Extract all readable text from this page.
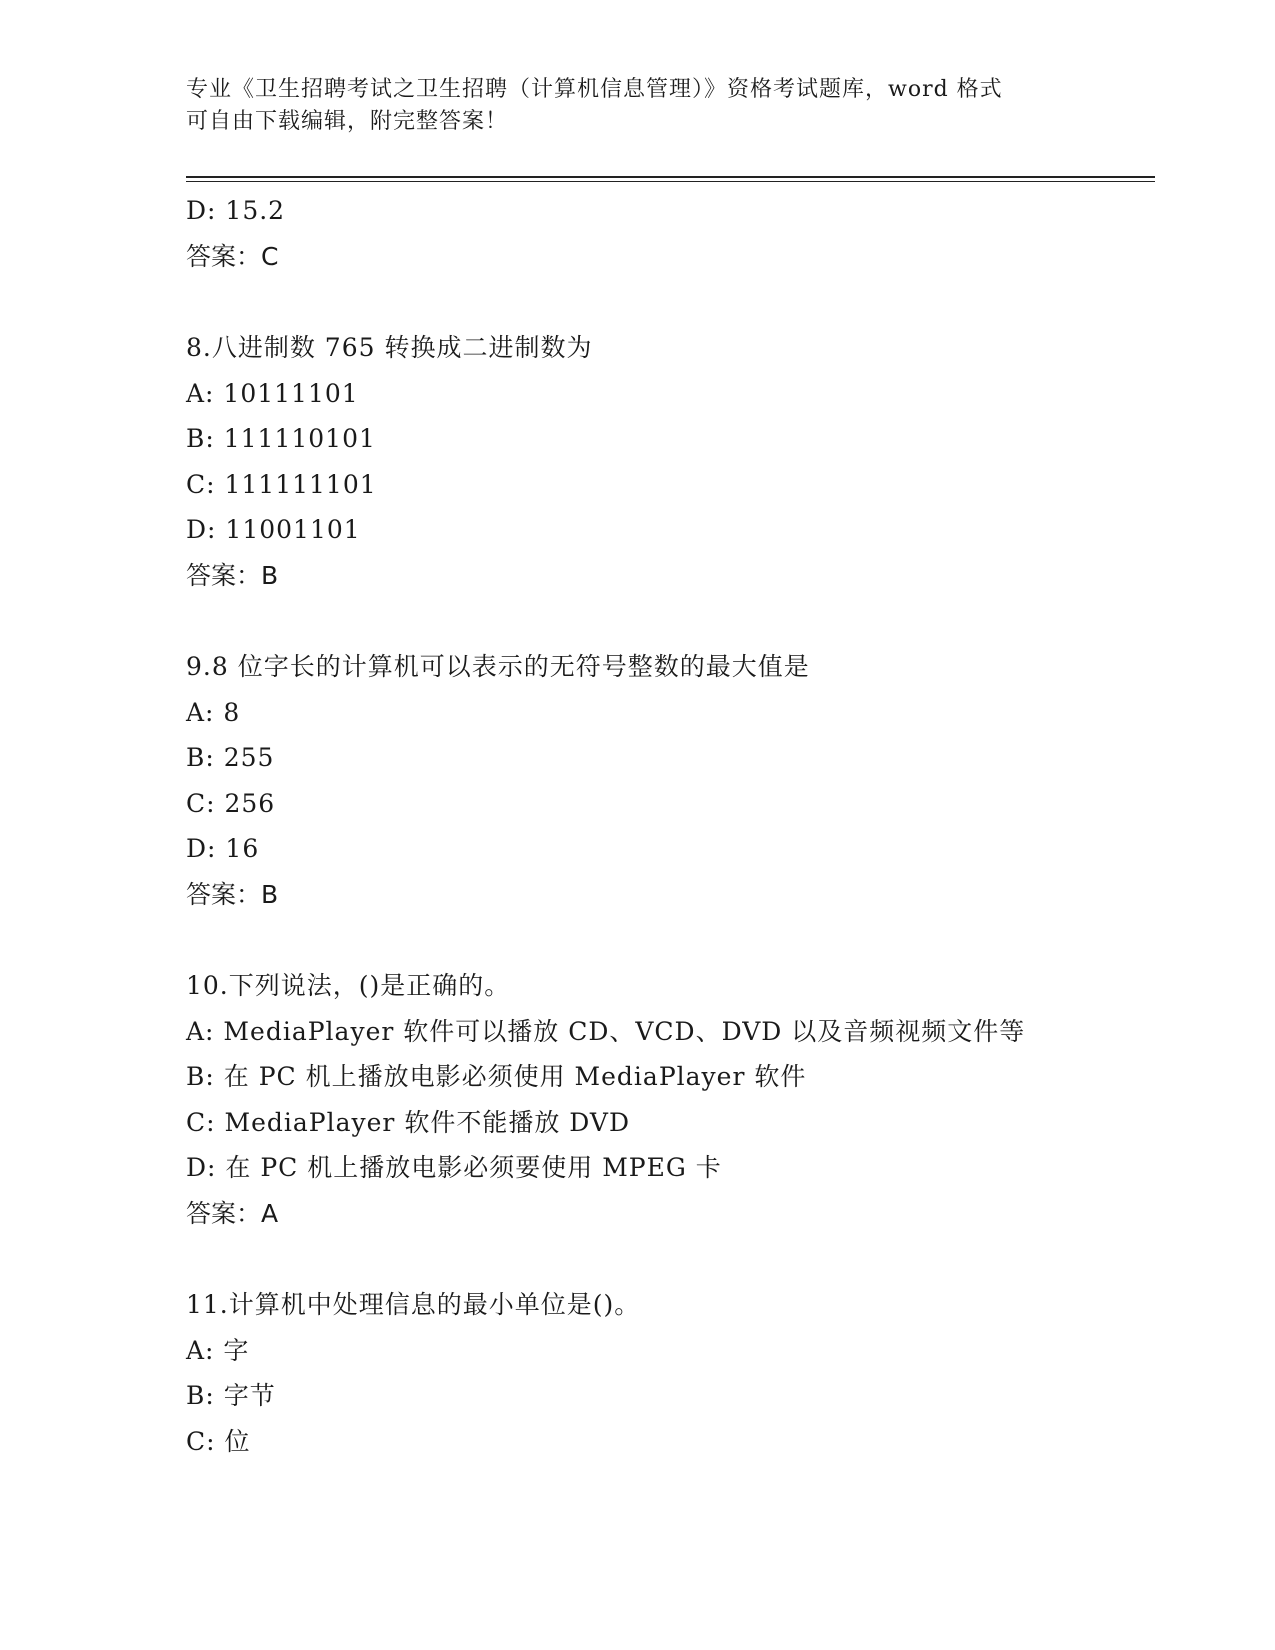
专业《卫生招聘考试之卫生招聘（计算机信息管理）》资格考试题库，word 格式
可自由下载编辑，附完整答案！
D: 15.2
答案：C
8.八进制数 765 转换成二进制数为
A: 10111101
B: 111110101
C: 111111101
D: 11001101
答案：B
9.8 位字长的计算机可以表示的无符号整数的最大值是
A: 8
B: 255
C: 256
D: 16
答案：B
10.下列说法，()是正确的。
A: MediaPlayer 软件可以播放 CD、VCD、DVD 以及音频视频文件等
B: 在 PC 机上播放电影必须使用 MediaPlayer 软件
C: MediaPlayer 软件不能播放 DVD
D: 在 PC 机上播放电影必须要使用 MPEG 卡
答案：A
11.计算机中处理信息的最小单位是()。
A: 字
B: 字节
C: 位
